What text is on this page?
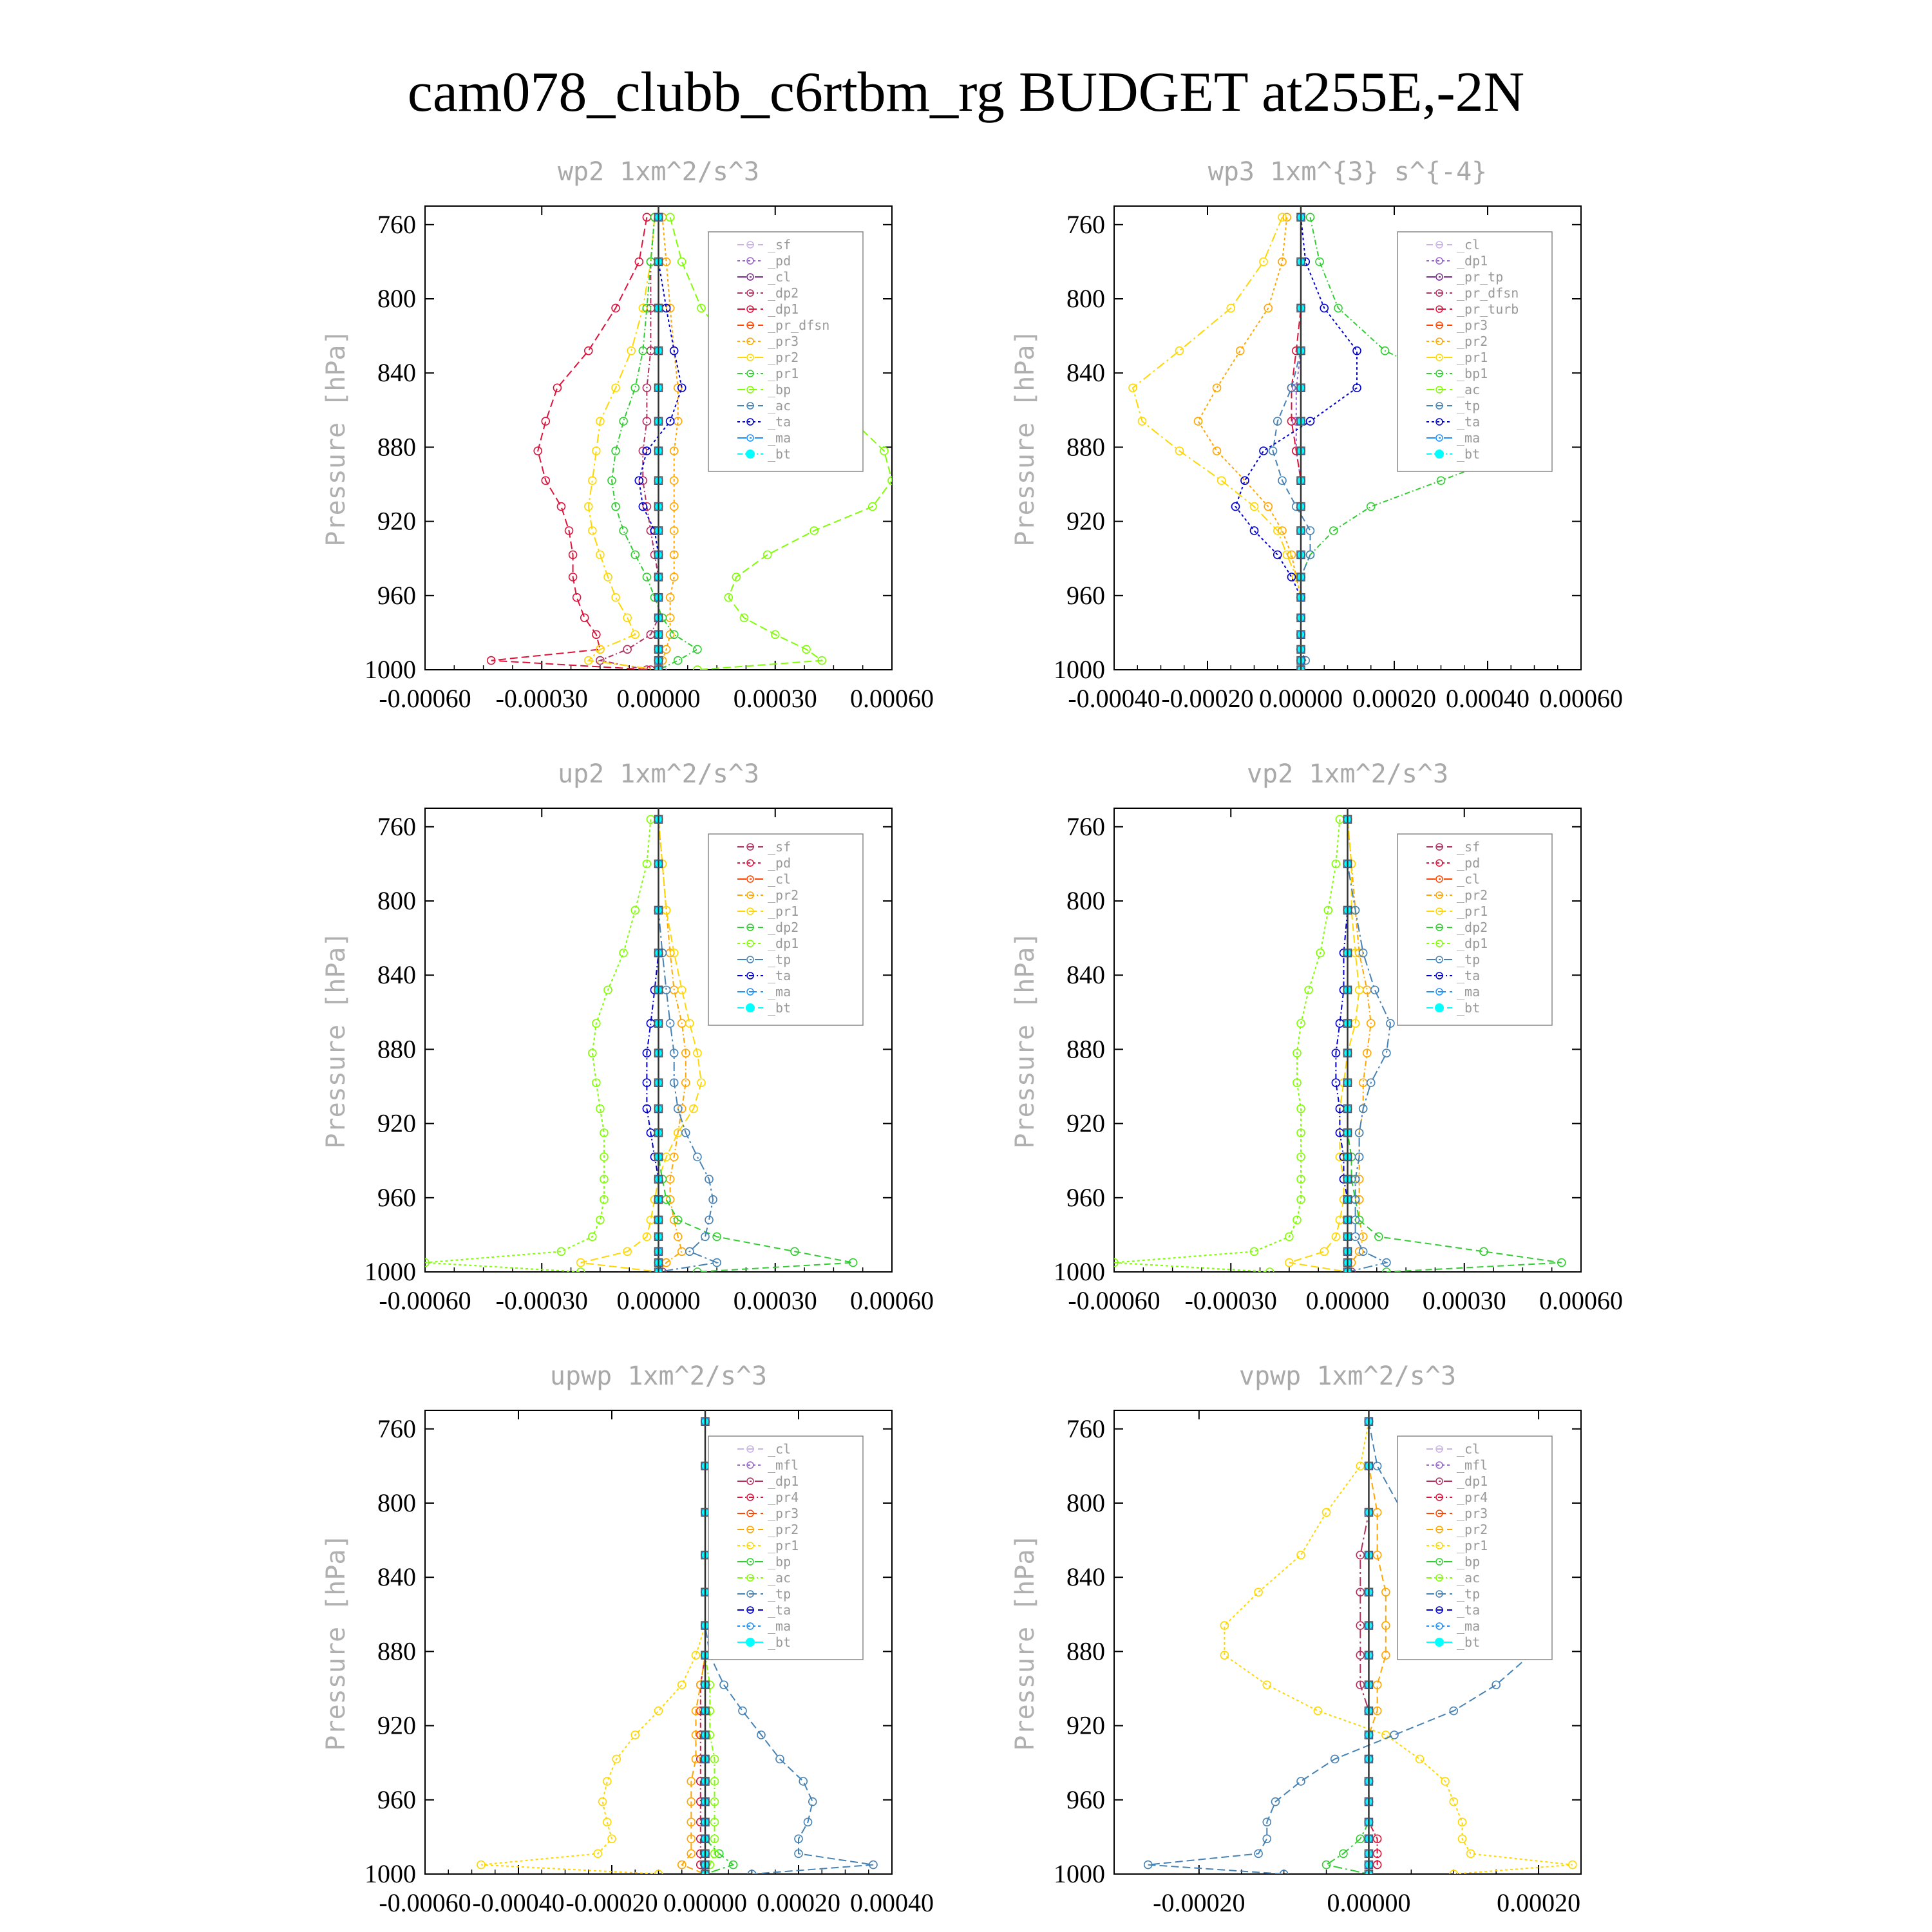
cam078_clubb_c6rtbm_rg BUDGET at255E,-2N
wp2 1xm^2/s^3
Pressure [hPa]
760
800
840
880
920
960
1000
-0.00060 -0.00030 0.00000 0.00030 0.00060
_sf
_pd
_cl
_dp2
_dp1
_pr_dfsn
_pr3
_pr2
_pr1
_bp
_ac
_ta
_ma
_bt
wp3 1xm^{3} s^{-4}
Pressure [hPa]
760
800
840
880
920
960
1000
-0.00040 -0.00020 0.00000 0.00020 0.00040 0.00060
_cl
_dp1
_pr_tp
_pr_dfsn
_pr_turb
_pr3
_pr2
_pr1
_bp1
_ac
_tp
_ta
_ma
_bt
up2 1xm^2/s^3
Pressure [hPa]
760
800
840
880
920
960
1000
-0.00060 -0.00030 0.00000 0.00030 0.00060
_sf
_pd
_cl
_pr2
_pr1
_dp2
_dp1
_tp
_ta
_ma
_bt
vp2 1xm^2/s^3
Pressure [hPa]
760
800
840
880
920
960
1000
-0.00060 -0.00030 0.00000 0.00030 0.00060
_sf
_pd
_cl
_pr2
_pr1
_dp2
_dp1
_tp
_ta
_ma
_bt
upwp 1xm^2/s^3
Pressure [hPa]
760
800
840
880
920
960
1000
-0.00060 -0.00040 -0.00020 0.00000 0.00020 0.00040
_cl
_mfl
_dp1
_pr4
_pr3
_pr2
_pr1
_bp
_ac
_tp
_ta
_ma
_bt
vpwp 1xm^2/s^3
Pressure [hPa]
760
800
840
880
920
960
1000
-0.00020	0.00000	0.00020
_cl
_mfl
_dp1
_pr4
_pr3
_pr2
_pr1
_bp
_ac
_tp
_ta
_ma
_bt
